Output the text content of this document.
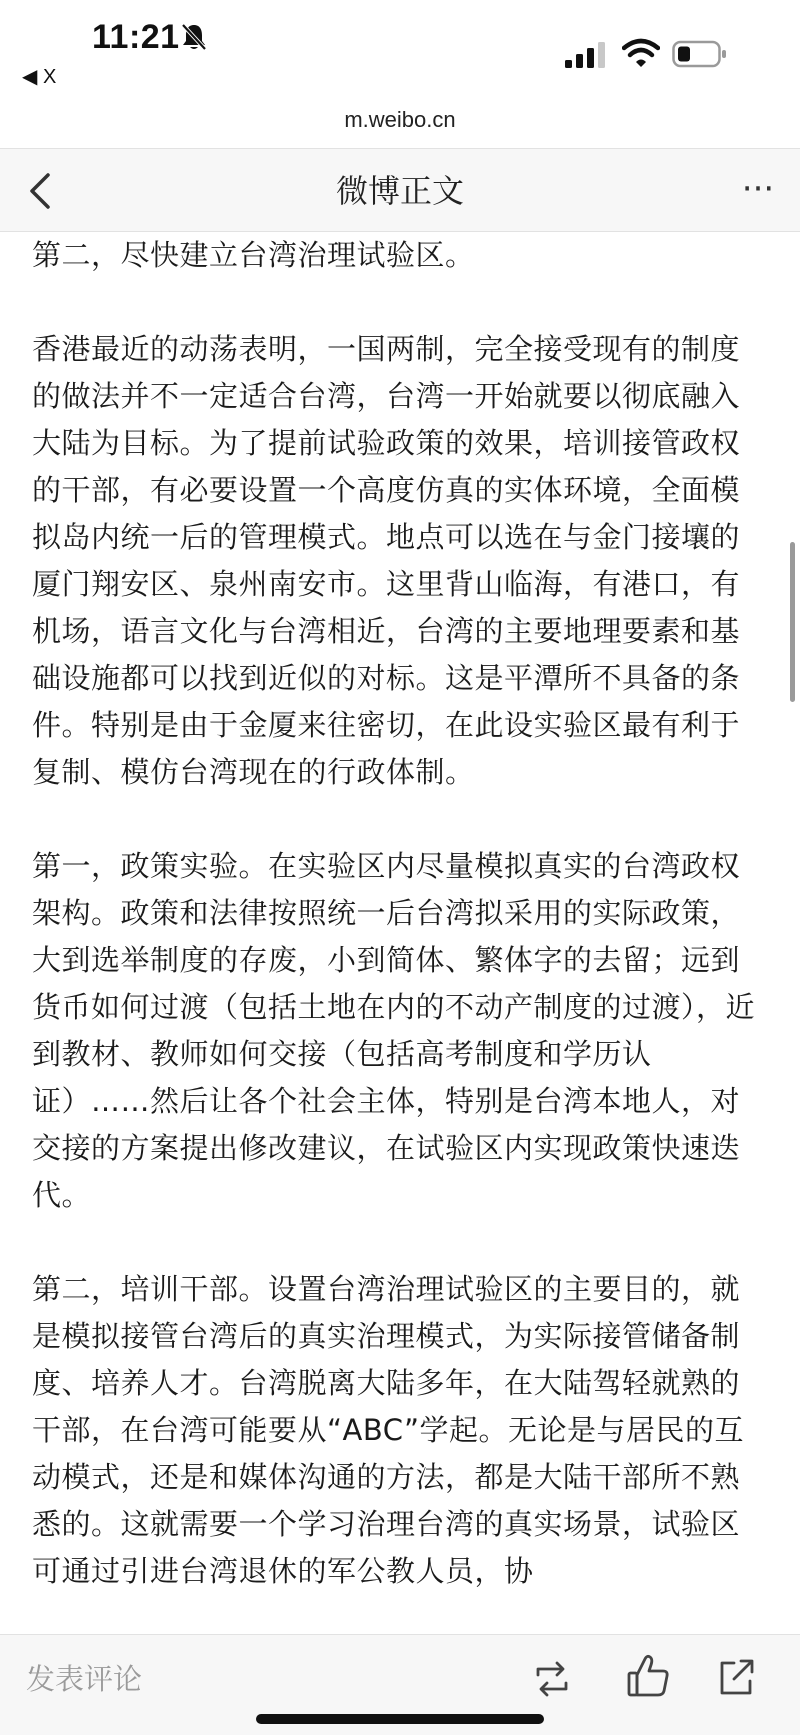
11:21
◀ X
m.weibo.cn
微博正文	···

第二，尽快建立台湾治理试验区。

香港最近的动荡表明，一国两制，完全接受现有的制度的做法并不一定适合台湾，台湾一开始就要以彻底融入大陆为目标。为了提前试验政策的效果，培训接管政权的干部，有必要设置一个高度仿真的实体环境，全面模拟岛内统一后的管理模式。地点可以选在与金门接壤的厦门翔安区、泉州南安市。这里背山临海，有港口，有机场，语言文化与台湾相近，台湾的主要地理要素和基础设施都可以找到近似的对标。这是平潭所不具备的条件。特别是由于金厦来往密切，在此设实验区最有利于复制、模仿台湾现在的行政体制。

第一，政策实验。在实验区内尽量模拟真实的台湾政权架构。政策和法律按照统一后台湾拟采用的实际政策，大到选举制度的存废，小到简体、繁体字的去留；远到货币如何过渡（包括土地在内的不动产制度的过渡），近到教材、教师如何交接（包括高考制度和学历认证）……然后让各个社会主体，特别是台湾本地人，对交接的方案提出修改建议，在试验区内实现政策快速迭代。

第二，培训干部。设置台湾治理试验区的主要目的，就是模拟接管台湾后的真实治理模式，为实际接管储备制度、培养人才。台湾脱离大陆多年，在大陆驾轻就熟的干部，在台湾可能要从“ABC”学起。无论是与居民的互动模式，还是和媒体沟通的方法，都是大陆干部所不熟悉的。这就需要一个学习治理台湾的真实场景，试验区可通过引进台湾退休的军公教人员，协

发表评论
